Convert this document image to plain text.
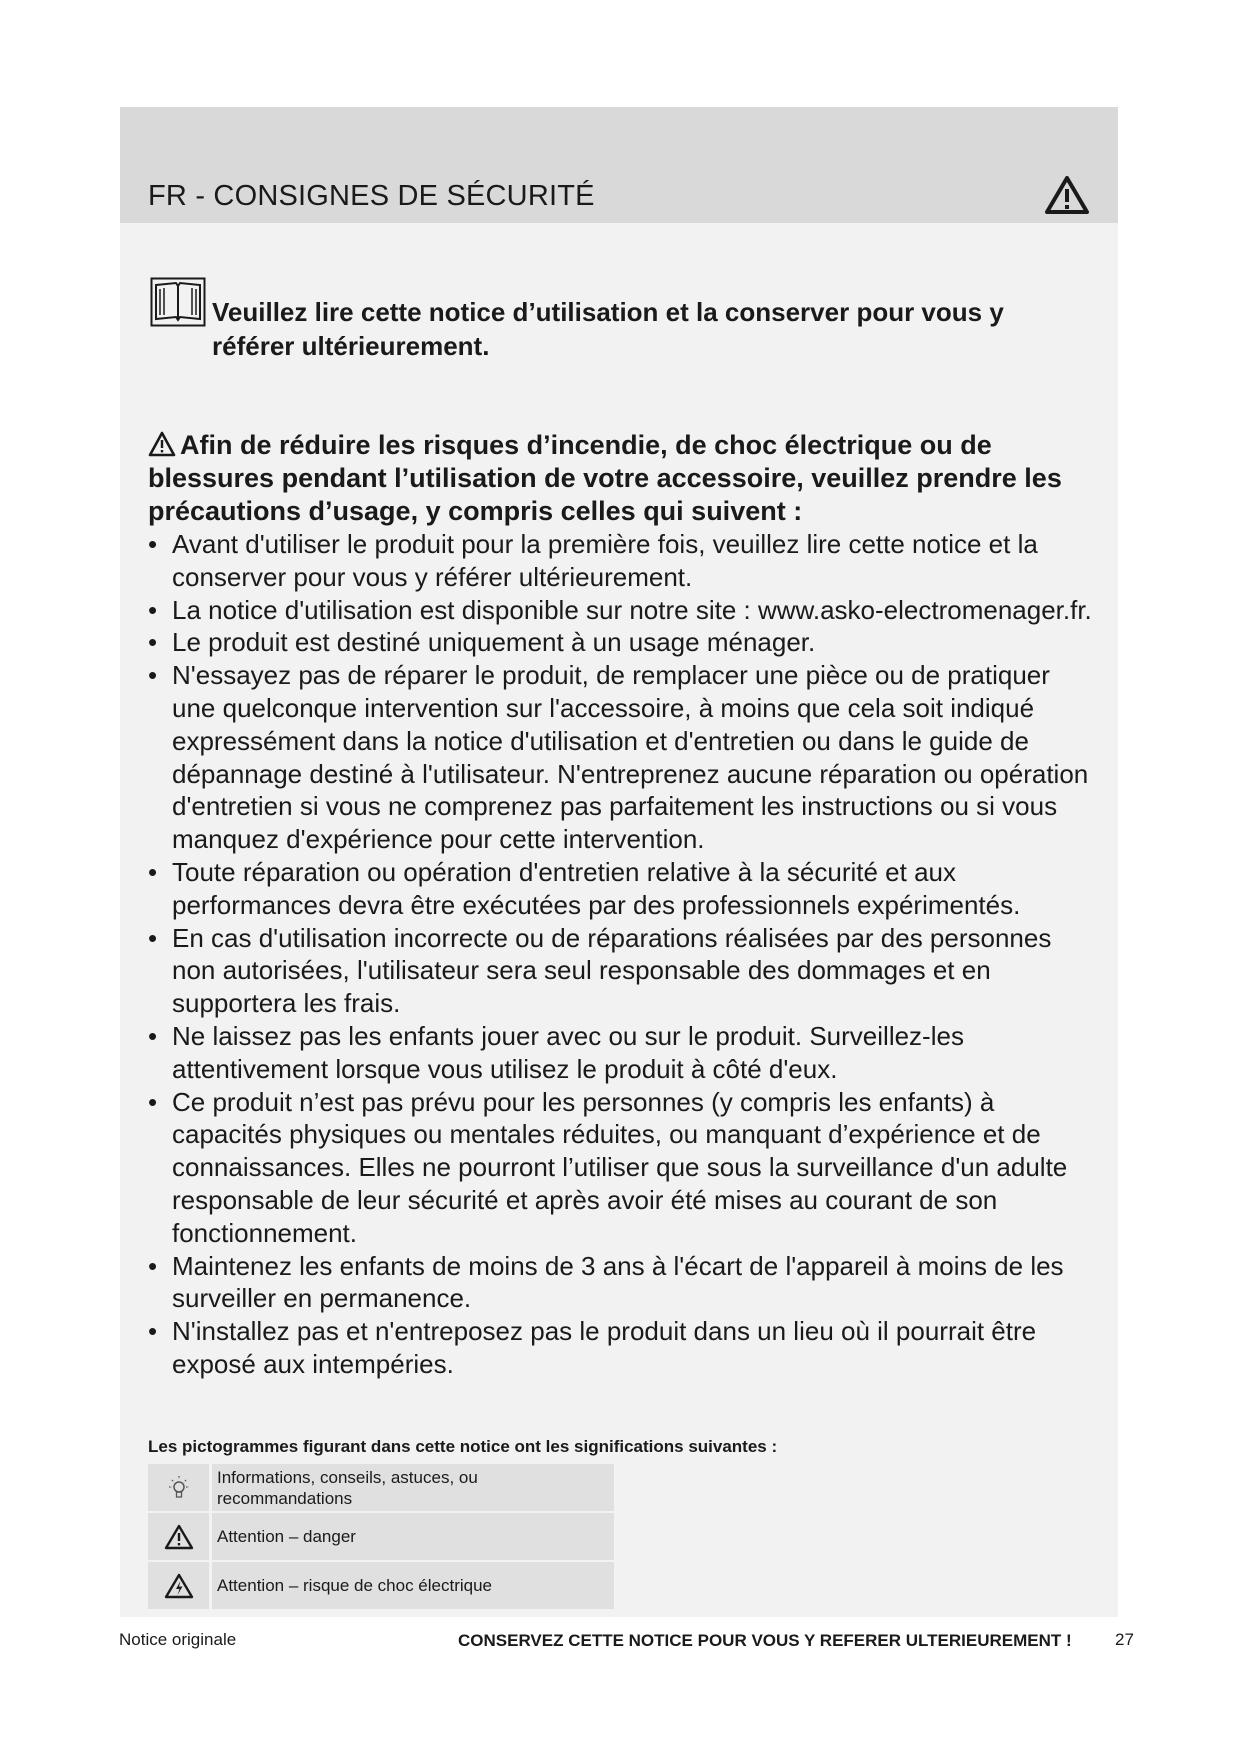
FR - CONSIGNES DE SÉCURITÉ
Veuillez lire cette notice d’utilisation et la conserver pour vous y référer ultérieurement.
Afin de réduire les risques d’incendie, de choc électrique ou de blessures pendant l’utilisation de votre accessoire, veuillez prendre les précautions d’usage, y compris celles qui suivent :
• Avant d'utiliser le produit pour la première fois, veuillez lire cette notice et la conserver pour vous y référer ultérieurement.
• La notice d'utilisation est disponible sur notre site : www.asko-electromenager.fr.
• Le produit est destiné uniquement à un usage ménager.
• N'essayez pas de réparer le produit, de remplacer une pièce ou de pratiquer une quelconque intervention sur l'accessoire, à moins que cela soit indiqué expressément dans la notice d'utilisation et d'entretien ou dans le guide de dépannage destiné à l'utilisateur. N'entreprenez aucune réparation ou opération d'entretien si vous ne comprenez pas parfaitement les instructions ou si vous manquez d'expérience pour cette intervention.
• Toute réparation ou opération d'entretien relative à la sécurité et aux performances devra être exécutées par des professionnels expérimentés.
• En cas d'utilisation incorrecte ou de réparations réalisées par des personnes non autorisées, l'utilisateur sera seul responsable des dommages et en supportera les frais.
• Ne laissez pas les enfants jouer avec ou sur le produit. Surveillez-les attentivement lorsque vous utilisez le produit à côté d'eux.
• Ce produit n’est pas prévu pour les personnes (y compris les enfants) à capacités physiques ou mentales réduites, ou manquant d’expérience et de connaissances. Elles ne pourront l’utiliser que sous la surveillance d'un adulte responsable de leur sécurité et après avoir été mises au courant de son fonctionnement.
• Maintenez les enfants de moins de 3 ans à l'écart de l'appareil à moins de les surveiller en permanence.
• N'installez pas et n'entreposez pas le produit dans un lieu où il pourrait être exposé aux intempéries.
Les pictogrammes figurant dans cette notice ont les significations suivantes :
Informations, conseils, astuces, ou recommandations
Attention – danger
Attention – risque de choc électrique
Notice originale	CONSERVEZ CETTE NOTICE POUR VOUS Y REFERER ULTERIEUREMENT !	27
